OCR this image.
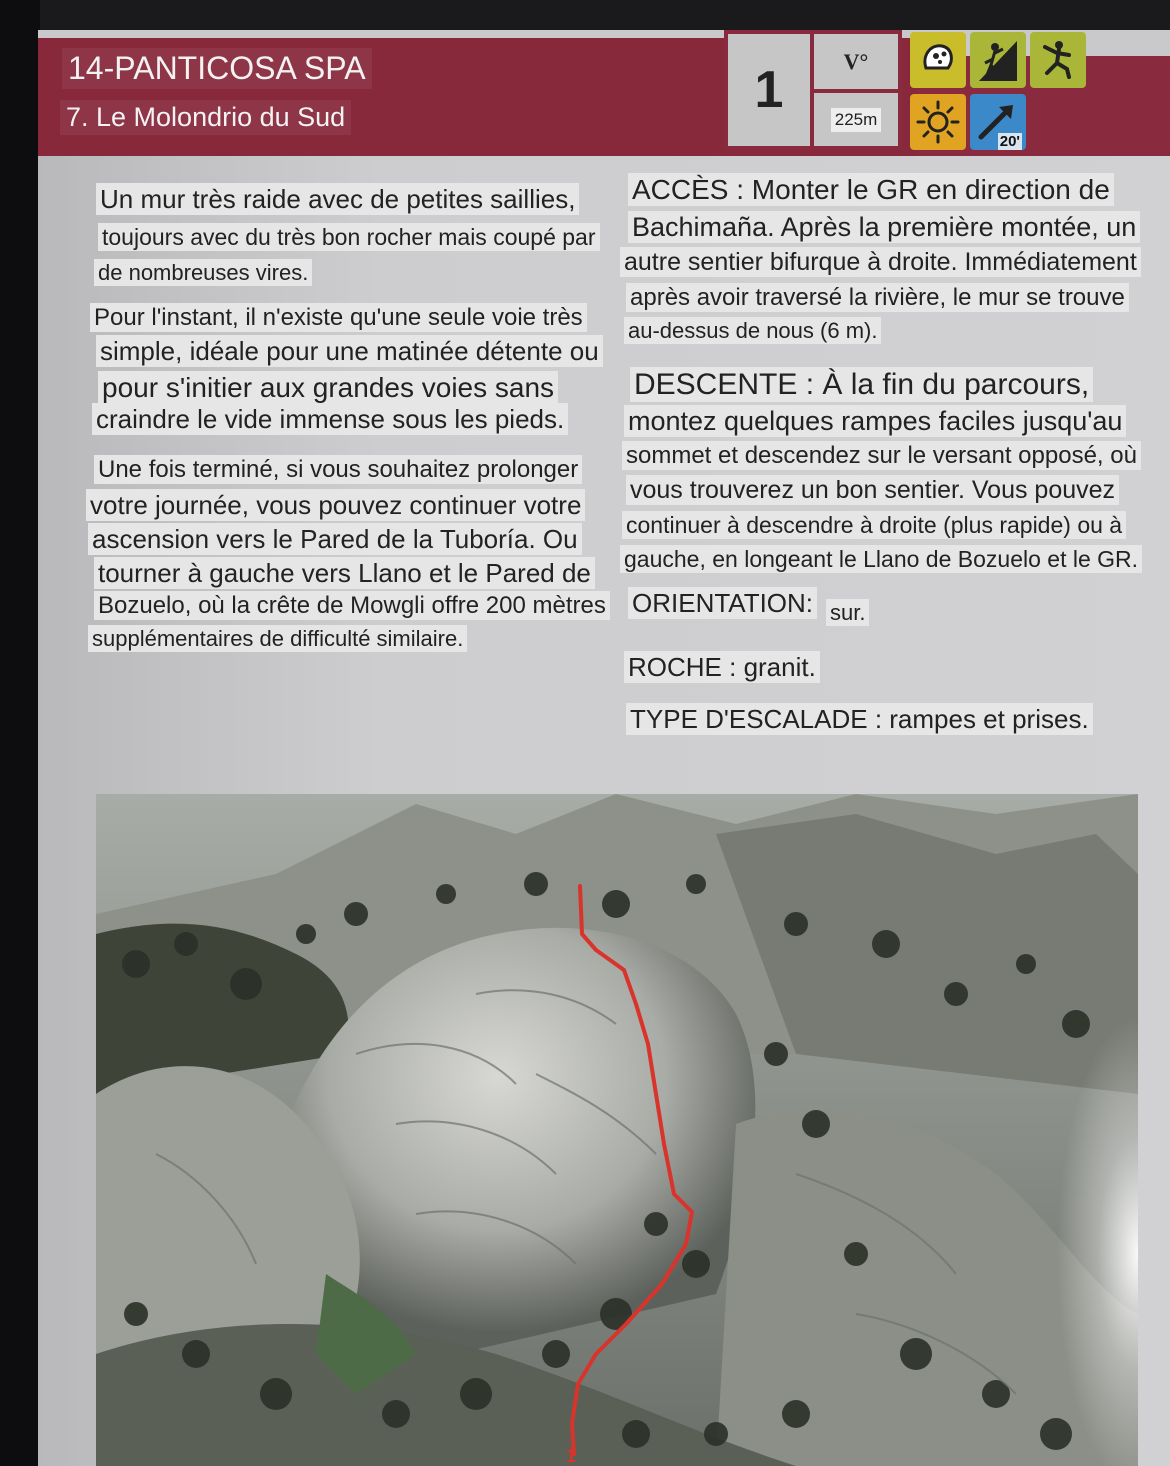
14-PANTICOSA SPA
7. Le Molondrio du Sud	1	V°
225m
20'
Un mur très raide avec de petites saillies,
toujours avec du très bon rocher mais coupé par
de nombreuses vires.
Pour l'instant, il n'existe qu'une seule voie très
simple, idéale pour une matinée détente ou
pour s'initier aux grandes voies sans
craindre le vide immense sous les pieds.
Une fois terminé, si vous souhaitez prolonger
votre journée, vous pouvez continuer votre
ascension vers le Pared de la Tuboría. Ou
tourner à gauche vers Llano et le Pared de
Bozuelo, où la crête de Mowgli offre 200 mètres
supplémentaires de difficulté similaire.
ACCÈS : Monter le GR en direction de
Bachimaña. Après la première montée, un
autre sentier bifurque à droite. Immédiatement
après avoir traversé la rivière, le mur se trouve
au-dessus de nous (6 m).
DESCENTE : À la fin du parcours,
montez quelques rampes faciles jusqu'au
sommet et descendez sur le versant opposé, où
vous trouverez un bon sentier. Vous pouvez
continuer à descendre à droite (plus rapide) ou à
gauche, en longeant le Llano de Bozuelo et le GR.
ORIENTATION: sur.
ROCHE : granit.
TYPE D'ESCALADE : rampes et prises.
1
